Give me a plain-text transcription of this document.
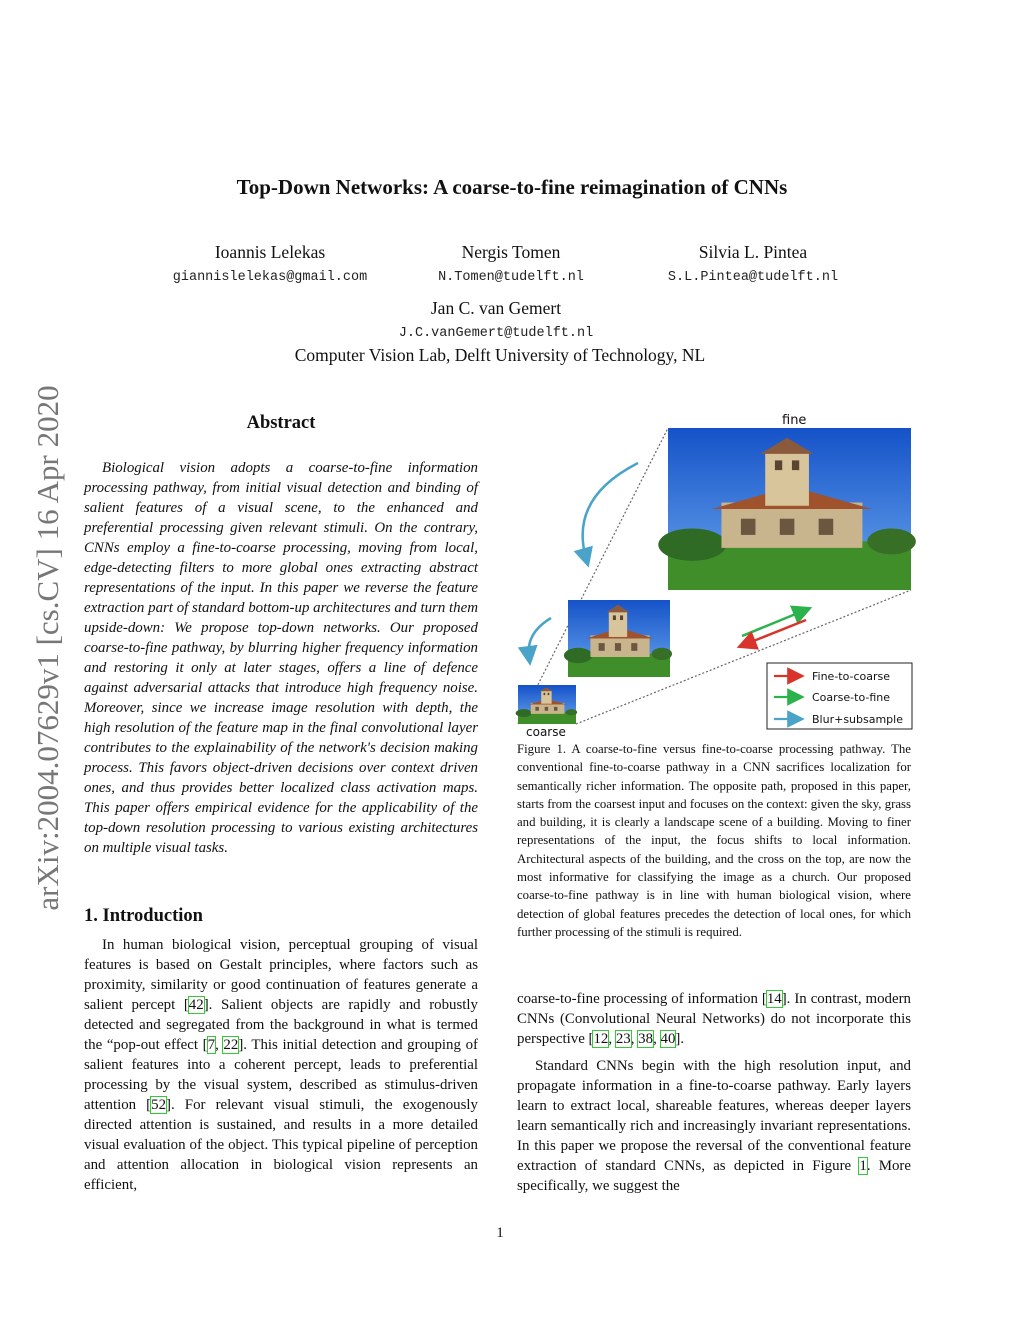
Top-Down Networks: A coarse-to-fine reimagination of CNNs
Ioannis Lelekas
giannislelekas@gmail.com
Nergis Tomen
N.Tomen@tudelft.nl
Silvia L. Pintea
S.L.Pintea@tudelft.nl
Jan C. van Gemert
J.C.vanGemert@tudelft.nl
Computer Vision Lab, Delft University of Technology, NL
arXiv:2004.07629v1 [cs.CV] 16 Apr 2020	Abstract

Biological vision adopts a coarse-to-fine information processing pathway, from initial visual detection and binding of salient features of a visual scene, to the enhanced and preferential processing given relevant stimuli. On the contrary, CNNs employ a fine-to-coarse processing, moving from local, edge-detecting filters to more global ones extracting abstract representations of the input. In this paper we reverse the feature extraction part of standard bottom-up architectures and turn them upside-down: We propose top-down networks. Our proposed coarse-to-fine pathway, by blurring higher frequency information and restoring it only at later stages, offers a line of defence against adversarial attacks that introduce high frequency noise. Moreover, since we increase image resolution with depth, the high resolution of the feature map in the final convolutional layer contributes to the explainability of the network's decision making process. This favors object-driven decisions over context driven ones, and thus provides better localized class activation maps. This paper offers empirical evidence for the applicability of the top-down resolution processing to various existing architectures on multiple visual tasks.

1. Introduction

In human biological vision, perceptual grouping of visual features is based on Gestalt principles, where factors such as proximity, similarity or good continuation of features generate a salient percept [42]. Salient objects are rapidly and robustly detected and segregated from the background in what is termed the “pop-out effect [7, 22]. This initial detection and grouping of salient features into a coherent percept, leads to preferential processing by the visual system, described as stimulus-driven attention [52]. For relevant visual stimuli, the exogenously directed attention is sustained, and results in a more detailed visual evaluation of the object. This typical pipeline of perception and attention allocation in biological vision represents an efficient,

Fine-to-coarse
Coarse-to-fine
Blur+subsample
fine
coarse

Figure 1. A coarse-to-fine versus fine-to-coarse processing pathway. The conventional fine-to-coarse pathway in a CNN sacrifices localization for semantically richer information. The opposite path, proposed in this paper, starts from the coarsest input and focuses on the context: given the sky, grass and building, it is clearly a landscape scene of a building. Moving to finer representations of the input, the focus shifts to local information. Architectural aspects of the building, and the cross on the top, are now the most informative for classifying the image as a church. Our proposed coarse-to-fine pathway is in line with human biological vision, where detection of global features precedes the detection of local ones, for which further processing of the stimuli is required.

coarse-to-fine processing of information [14]. In contrast, modern CNNs (Convolutional Neural Networks) do not incorporate this perspective [12, 23, 38, 40].

Standard CNNs begin with the high resolution input, and propagate information in a fine-to-coarse pathway. Early layers learn to extract local, shareable features, whereas deeper layers learn semantically rich and increasingly invariant representations. In this paper we propose the reversal of the conventional feature extraction of standard CNNs, as depicted in Figure 1. More specifically, we suggest the

1
